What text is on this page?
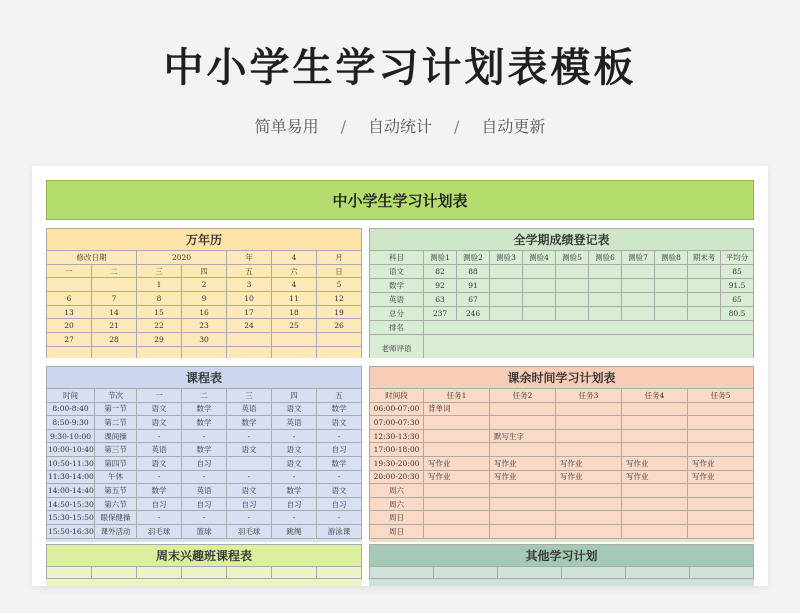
中小学生学习计划表模板
简单易用 / 自动统计 / 自动更新
中小学生学习计划表
万年历
修改日期		2020		年	4	月
一	二	三	四	五	六	日
		1	2	3	4	5
6	7	8	9	10	11	12
13	14	15	16	17	18	19
20	21	22	23	24	25	26
27	28	29	30			

全学期成绩登记表
科目	测验1	测验2	测验3	测验4	测验5	测验6	测验7	测验8	期末考	平均分
语文	82	88								85
数学	92	91								91.5
英语	63	67								65
总分	237	246								80.5
排名										
老师评语										
课程表
时间	节次	一	二	三	四	五
8:00-8:40	第一节	语文	数学	英语	语文	数学
8:50-9:30	第二节	语文	数学	数学	英语	语文
9:30-10:00	课间操	-	-	-	-	-
10:00-10:40	第三节	英语	数学	语文	语文	自习
10:50-11:30	第四节	语文	自习		语文	数学
11:30-14:00	午休	-	-	-	-	-
14:00-14:40	第五节	数学	英语	语文	数学	语文
14:50-15:30	第六节	自习	自习	自习	自习	自习
15:30-15:50	眼保健操	-	-	-	-	-
15:50-16:30	课外活动	羽毛球	篮球	羽毛球	跳绳	游泳课
课余时间学习计划表
时间段	任务1	任务2	任务3	任务4	任务5
06:00-07:00	背单词				
07:00-07:30					
12:30-13:30		默写生字			
17:00-18:00					
19:30-20:00	写作业	写作业	写作业	写作业	写作业
20:00-20:30	写作业	写作业	写作业	写作业	写作业
周六					
周六					
周日					
周日					
周末兴趣班课程表
							其他学习计划
